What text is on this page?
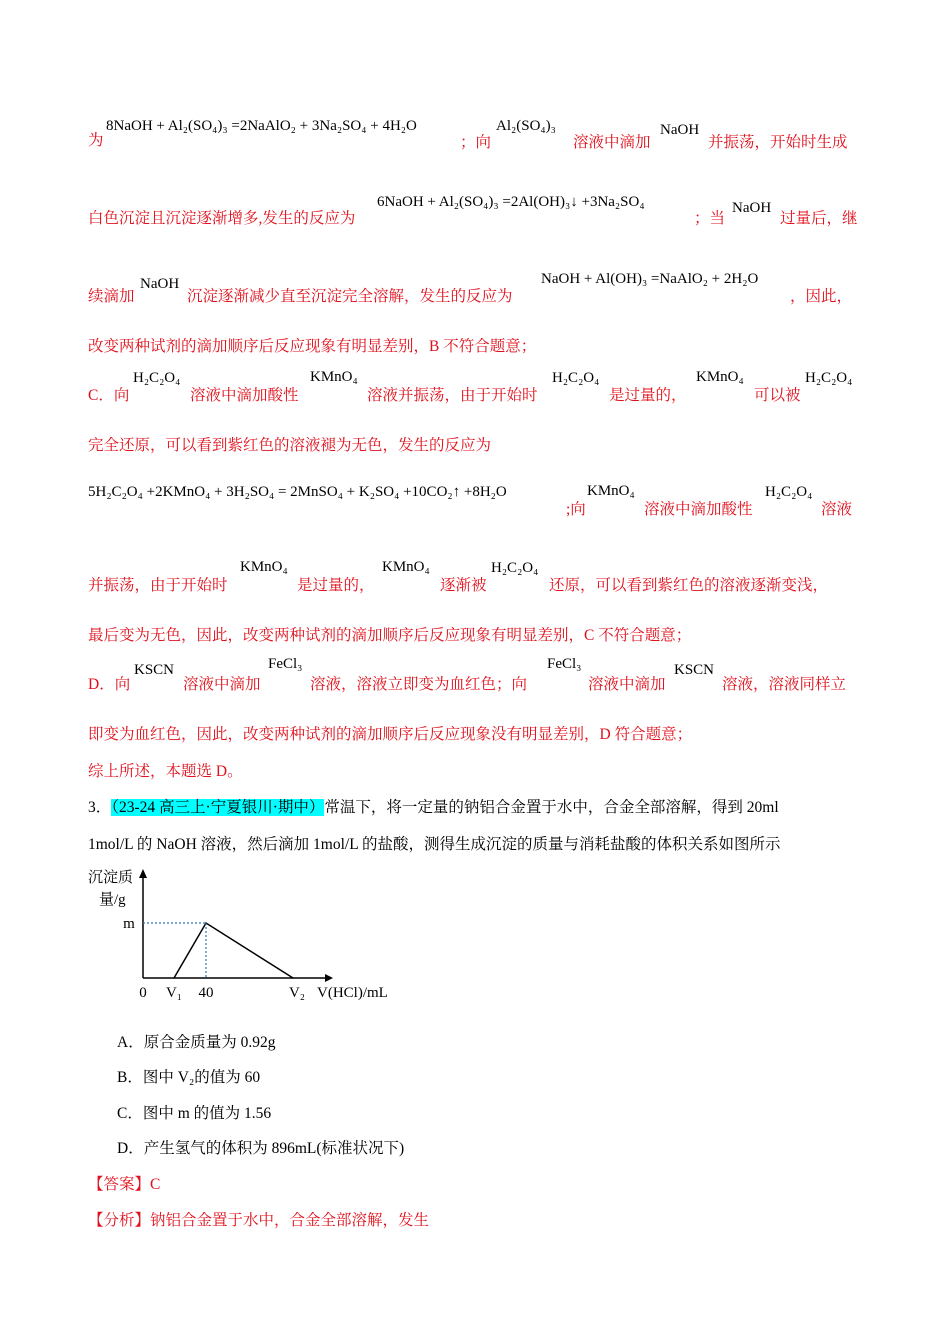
为
8NaOH + Al₂(SO₄)₃ =2NaAlO₂ + 3Na₂SO₄ + 4H₂O
；向
Al₂(SO₄)₃
溶液中滴加
NaOH
并振荡，开始时生成
白色沉淀且沉淀逐渐增多,发生的反应为
6NaOH + Al₂(SO₄)₃ =2Al(OH)₃↓ +3Na₂SO₄
；当
NaOH
过量后，继
续滴加
NaOH
沉淀逐渐减少直至沉淀完全溶解，发生的反应为
NaOH + Al(OH)₃ =NaAlO₂ + 2H₂O
，因此，
改变两种试剂的滴加顺序后反应现象有明显差别，B 不符合题意；
C．向
H₂C₂O₄
溶液中滴加酸性
KMnO₄
溶液并振荡，由于开始时
H₂C₂O₄
是过量的，
KMnO₄
可以被
H₂C₂O₄
完全还原，可以看到紫红色的溶液褪为无色，发生的反应为
5H₂C₂O₄ +2KMnO₄ + 3H₂SO₄ = 2MnSO₄ + K₂SO₄ +10CO₂↑ +8H₂O
;向
KMnO₄
溶液中滴加酸性
H₂C₂O₄
溶液
并振荡，由于开始时
KMnO₄
是过量的，
KMnO₄
逐渐被
H₂C₂O₄
还原，可以看到紫红色的溶液逐渐变浅，
最后变为无色，因此，改变两种试剂的滴加顺序后反应现象有明显差别，C 不符合题意；
D．向
KSCN
溶液中滴加
FeCl₃
溶液，溶液立即变为血红色；向
FeCl₃
溶液中滴加
KSCN
溶液，溶液同样立
即变为血红色，因此，改变两种试剂的滴加顺序后反应现象没有明显差别，D 符合题意；
综上所述，本题选 D。
3．（23-24 高三上·宁夏银川·期中）常温下，将一定量的钠铝合金置于水中，合金全部溶解，得到 20ml
1mol/L 的 NaOH 溶液，然后滴加 1mol/L 的盐酸，测得生成沉淀的质量与消耗盐酸的体积关系如图所示
沉淀质
量/g
m
0 V₁ 40	V₂ V(HCl)/mL
A．原合金质量为 0.92g
B．图中 V₂的值为 60
C．图中 m 的值为 1.56
D．产生氢气的体积为 896mL(标准状况下)
【答案】C
【分析】钠铝合金置于水中，合金全部溶解，发生
